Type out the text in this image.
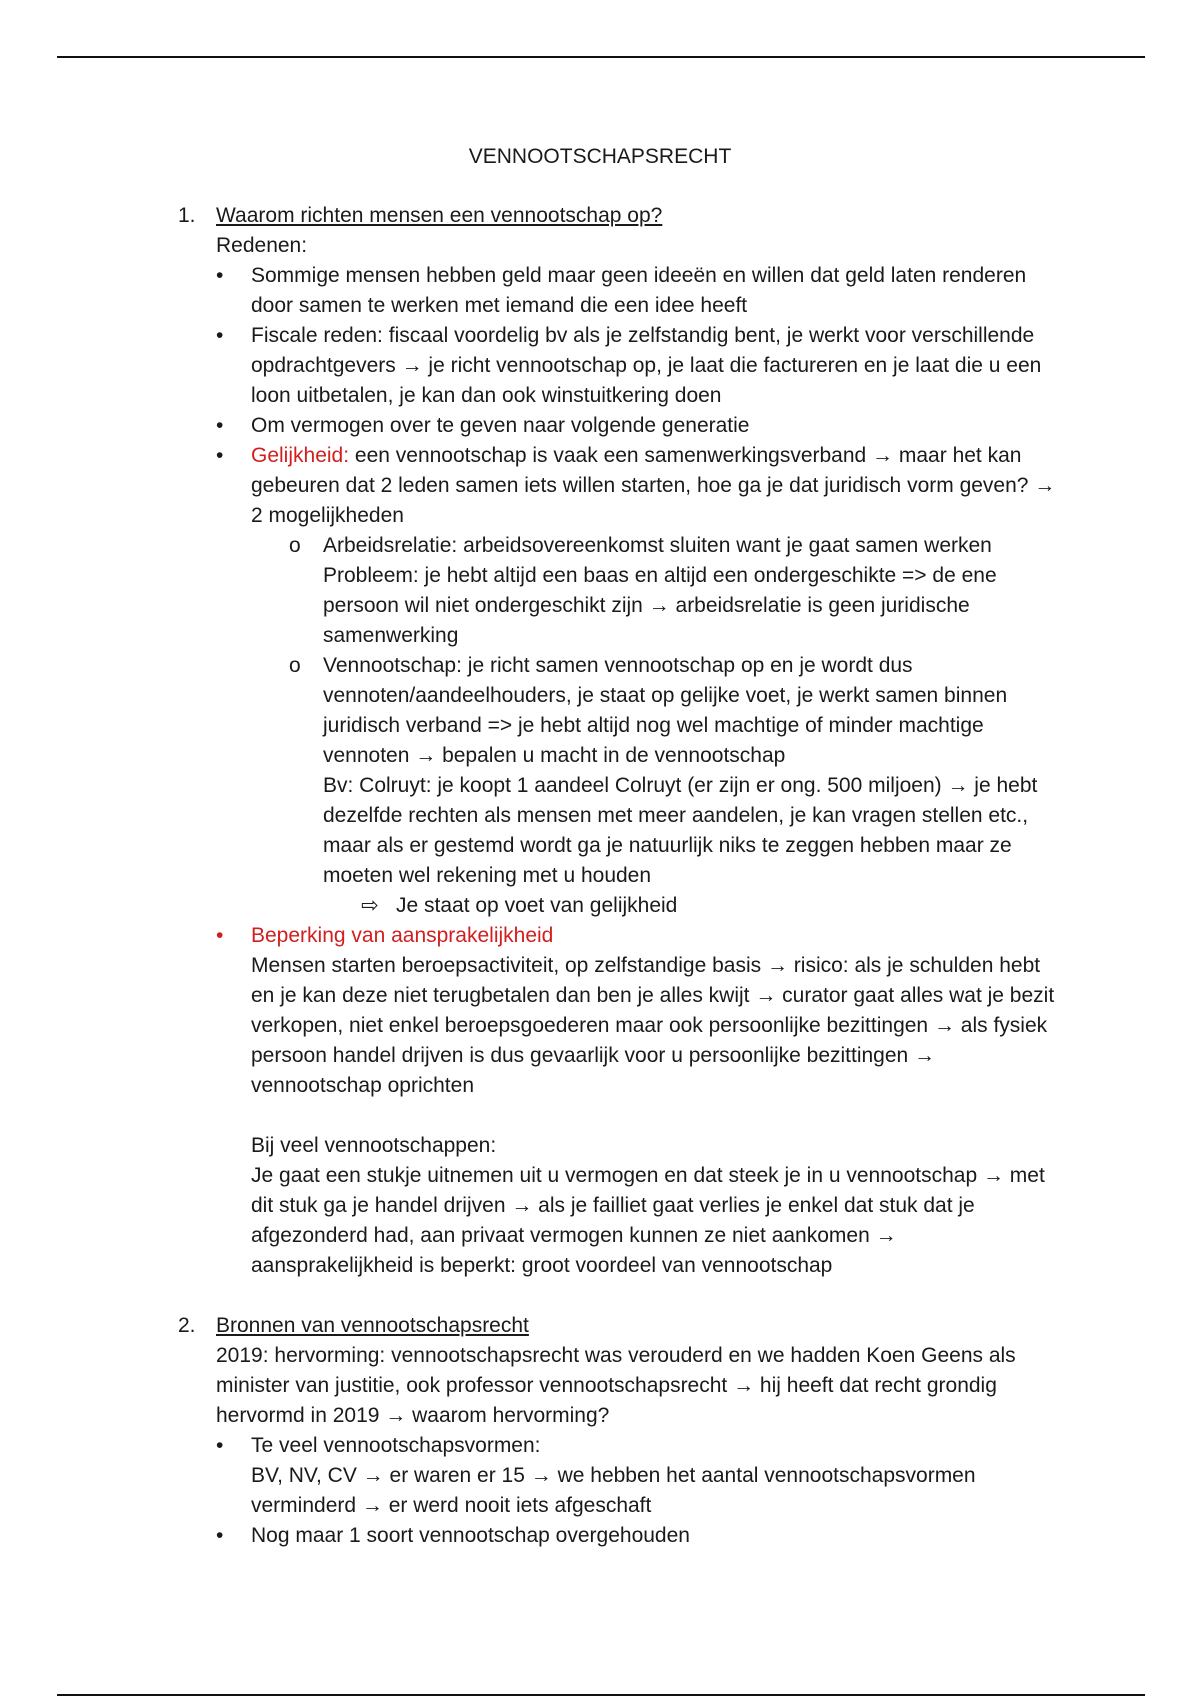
VENNOOTSCHAPSRECHT
1. Waarom richten mensen een vennootschap op?
Redenen:
• Sommige mensen hebben geld maar geen ideeën en willen dat geld laten renderen door samen te werken met iemand die een idee heeft
• Fiscale reden: fiscaal voordelig bv als je zelfstandig bent, je werkt voor verschillende opdrachtgevers → je richt vennootschap op, je laat die factureren en je laat die u een loon uitbetalen, je kan dan ook winstuitkering doen
• Om vermogen over te geven naar volgende generatie
• Gelijkheid: een vennootschap is vaak een samenwerkingsverband → maar het kan gebeuren dat 2 leden samen iets willen starten, hoe ga je dat juridisch vorm geven? → 2 mogelijkheden
o Arbeidsrelatie: arbeidsovereenkomst sluiten want je gaat samen werken
Probleem: je hebt altijd een baas en altijd een ondergeschikte => de ene persoon wil niet ondergeschikt zijn → arbeidsrelatie is geen juridische samenwerking
o Vennootschap: je richt samen vennootschap op en je wordt dus vennoten/aandeelhouders, je staat op gelijke voet, je werkt samen binnen juridisch verband => je hebt altijd nog wel machtige of minder machtige vennoten → bepalen u macht in de vennootschap
Bv: Colruyt: je koopt 1 aandeel Colruyt (er zijn er ong. 500 miljoen) → je hebt dezelfde rechten als mensen met meer aandelen, je kan vragen stellen etc., maar als er gestemd wordt ga je natuurlijk niks te zeggen hebben maar ze moeten wel rekening met u houden
⇨ Je staat op voet van gelijkheid
• Beperking van aansprakelijkheid
Mensen starten beroepsactiviteit, op zelfstandige basis → risico: als je schulden hebt en je kan deze niet terugbetalen dan ben je alles kwijt → curator gaat alles wat je bezit verkopen, niet enkel beroepsgoederen maar ook persoonlijke bezittingen → als fysiek persoon handel drijven is dus gevaarlijk voor u persoonlijke bezittingen → vennootschap oprichten
Bij veel vennootschappen:
Je gaat een stukje uitnemen uit u vermogen en dat steek je in u vennootschap → met dit stuk ga je handel drijven → als je failliet gaat verlies je enkel dat stuk dat je afgezonderd had, aan privaat vermogen kunnen ze niet aankomen → aansprakelijkheid is beperkt: groot voordeel van vennootschap
2. Bronnen van vennootschapsrecht
2019: hervorming: vennootschapsrecht was verouderd en we hadden Koen Geens als minister van justitie, ook professor vennootschapsrecht → hij heeft dat recht grondig hervormd in 2019 → waarom hervorming?
• Te veel vennootschapsvormen:
BV, NV, CV → er waren er 15 → we hebben het aantal vennootschapsvormen verminderd → er werd nooit iets afgeschaft
• Nog maar 1 soort vennootschap overgehouden
